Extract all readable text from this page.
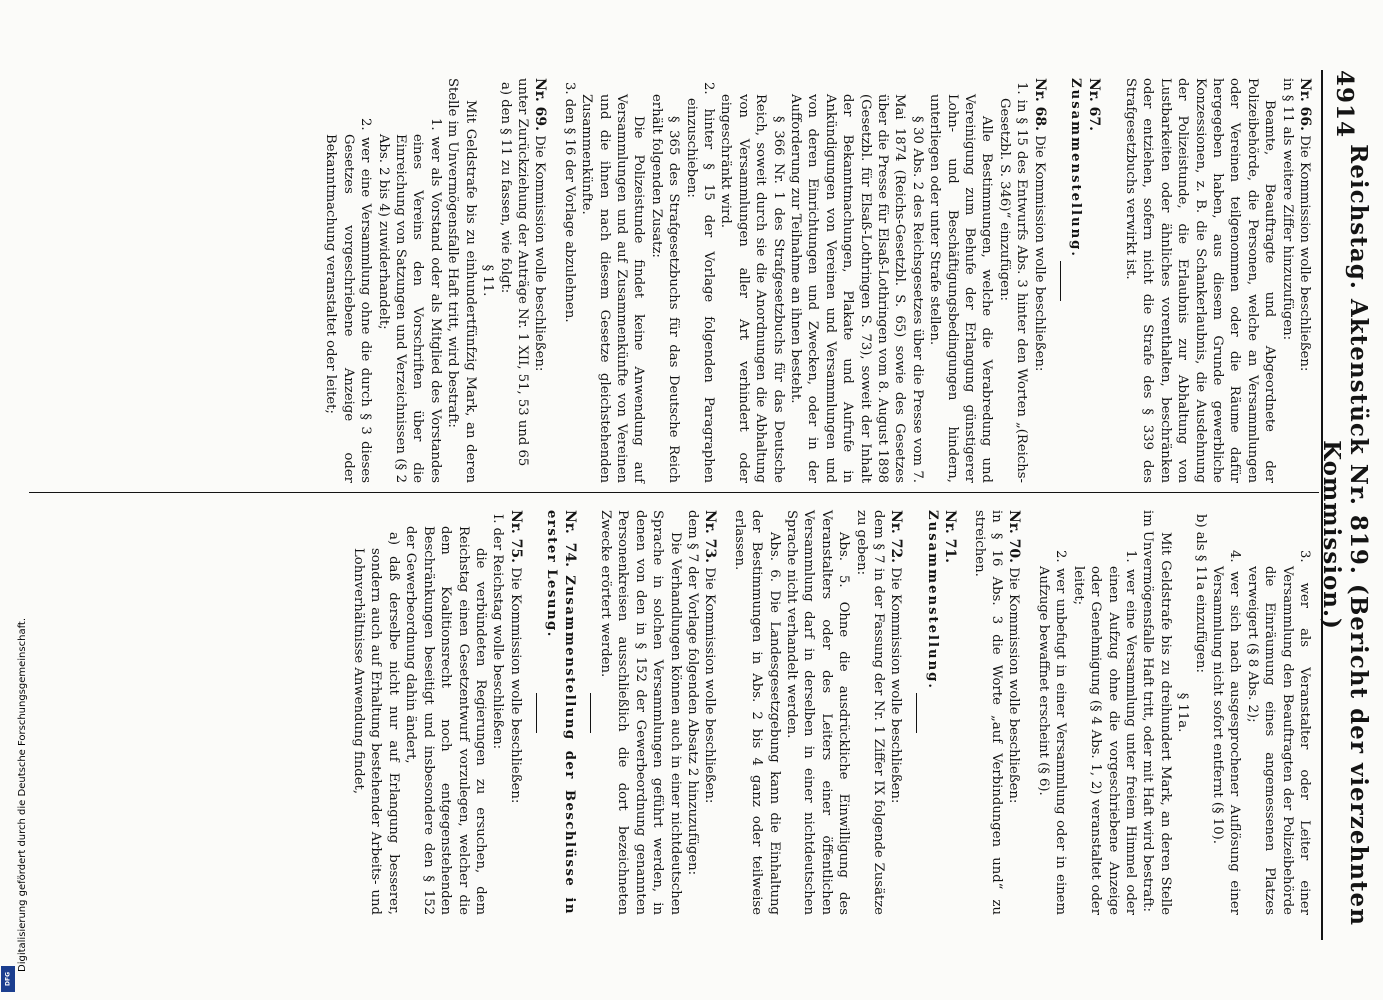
4914
Reichstag. Aktenstück Nr. 819. (Bericht der vierzehnten Kommission.)

Nr. 66. Die Kommission wolle beschließen:

in § 11 als weitere Ziffer hinzuzufügen:

Beamte, Beauftragte und Abgeordnete der Polizeibehörde, die Personen, welche an Versammlungen oder Vereinen teilgenommen oder die Räume dafür hergegeben haben, aus diesem Grunde gewerbliche Konzessionen, z. B. die Schankerlaubnis, die Ausdehnung der Polizeistunde, die Erlaubnis zur Abhaltung von Lustbarkeiten oder ähnliches vorenthalten, beschränken oder entziehen, sofern nicht die Strafe des § 339 des Strafgesetzbuchs verwirkt ist.

Nr. 67.

Zusammenstellung.

Nr. 68. Die Kommission wolle beschließen:

1. in § 15 des Entwurfs Abs. 3 hinter den Worten „(Reichs-Gesetzbl. S. 346)“ einzufügen:

Alle Bestimmungen, welche die Verabredung und Vereinigung zum Behufe der Erlangung günstigerer Lohn- und Beschäftigungsbedingungen hindern, unterliegen oder unter Strafe stellen.

§ 30 Abs. 2 des Reichsgesetzes über die Presse vom 7. Mai 1874 (Reichs-Gesetzbl. S. 65) sowie des Gesetzes über die Presse für Elsaß-Lothringen vom 8. August 1898 (Gesetzbl. für Elsaß-Lothringen S. 73), soweit der Inhalt der Bekanntmachungen, Plakate und Aufrufe in Ankündigungen von Vereinen und Versammlungen und von deren Einrichtungen und Zwecken, oder in der Aufforderung zur Teilnahme an ihnen besteht.

§ 366 Nr. 1 des Strafgesetzbuchs für das Deutsche Reich, soweit durch sie die Anordnungen die Abhaltung von Versammlungen aller Art verhindert oder eingeschränkt wird.

2. hinter § 15 der Vorlage folgenden Paragraphen einzuschieben:

§ 365 des Strafgesetzbuchs für das Deutsche Reich erhält folgenden Zusatz:

Die Polizeistunde findet keine Anwendung auf Versammlungen und auf Zusammenkünfte von Vereinen und die ihnen nach diesem Gesetze gleichstehenden Zusammenkünfte.

3. den § 16 der Vorlage abzulehnen.

Nr. 69. Die Kommission wolle beschließen:

unter Zurückziehung der Anträge Nr. 1 XII, 51, 53 und 65

a) den § 11 zu fassen, wie folgt:

§ 11.

Mit Geldstrafe bis zu einhundertfünfzig Mark, an deren Stelle im Unvermögensfalle Haft tritt, wird bestraft:

1. wer als Vorstand oder als Mitglied des Vorstandes eines Vereins den Vorschriften über die Einreichung von Satzungen und Verzeichnissen (§ 2 Abs. 2 bis 4) zuwiderhandelt;

2. wer eine Versammlung ohne die durch § 3 dieses Gesetzes vorgeschriebene Anzeige oder Bekanntmachung veranstaltet oder leitet;

3. wer als Veranstalter oder Leiter einer Versammlung den Beauftragten der Polizeibehörde die Einräumung eines angemessenen Platzes verweigert (§ 8 Abs. 2);

4. wer sich nach ausgesprochener Auflösung einer Versammlung nicht sofort entfernt (§ 10).

b) als § 11a einzufügen:

§ 11a.

Mit Geldstrafe bis zu dreihundert Mark, an deren Stelle im Unvermögensfalle Haft tritt, oder mit Haft wird bestraft:

1. wer eine Versammlung unter freiem Himmel oder einen Aufzug ohne die vorgeschriebene Anzeige oder Genehmigung (§ 4 Abs. 1, 2) veranstaltet oder leitet;

2. wer unbefugt in einer Versammlung oder in einem Aufzuge bewaffnet erscheint (§ 6).

Nr. 70. Die Kommission wolle beschließen:

in § 16 Abs. 3 die Worte „auf Verbindungen und“ zu streichen.

Nr. 71.

Zusammenstellung.

Nr. 72. Die Kommission wolle beschließen:

dem § 7 in der Fassung der Nr. 1 Ziffer IX folgende Zusätze zu geben:

Abs. 5. Ohne die ausdrückliche Einwilligung des Veranstalters oder des Leiters einer öffentlichen Versammlung darf in derselben in einer nichtdeutschen Sprache nicht verhandelt werden.

Abs. 6. Die Landesgesetzgebung kann die Einhaltung der Bestimmungen in Abs. 2 bis 4 ganz oder teilweise erlassen.

Nr. 73. Die Kommission wolle beschließen:

dem § 7 der Vorlage folgenden Absatz 2 hinzuzufügen:

Die Verhandlungen können auch in einer nichtdeutschen Sprache in solchen Versammlungen geführt werden, in denen von den in § 152 der Gewerbeordnung genannten Personenkreisen ausschließlich die dort bezeichneten Zwecke erörtert werden.

Nr. 74. Zusammenstellung der Beschlüsse in erster Lesung.

Nr. 75. Die Kommission wolle beschließen:

I. der Reichstag wolle beschließen:

die verbündeten Regierungen zu ersuchen, dem Reichstag einen Gesetzentwurf vorzulegen, welcher die dem Koalitionsrecht noch entgegenstehenden Beschränkungen beseitigt und insbesondere den § 152 der Gewerbeordnung dahin ändert,

a) daß derselbe nicht nur auf Erlangung besserer, sondern auch auf Erhaltung bestehender Arbeits- und Lohnverhältnisse Anwendung findet,

Digitalisierung gefördert durch die Deutsche Forschungsgemeinschaft.
DFG
